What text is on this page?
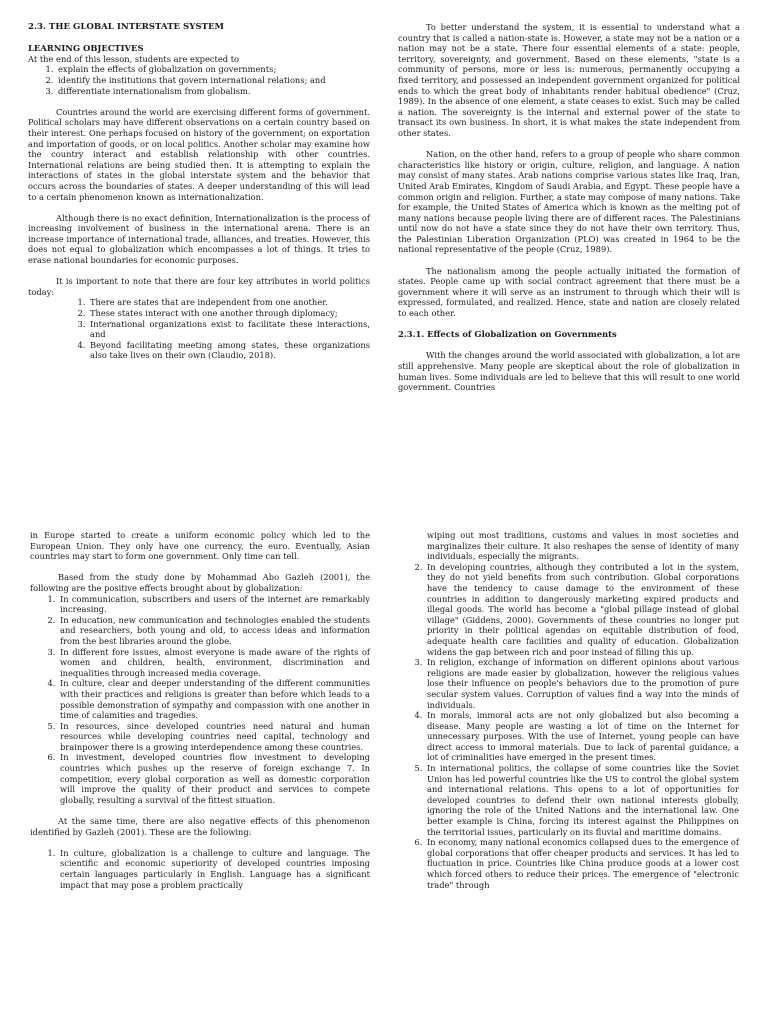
2.3. THE GLOBAL INTERSTATE SYSTEM
LEARNING OBJECTIVES
At the end of this lesson, students are expected to
1. explain the effects of globalization on governments;
2. identify the institutions that govern international relations; and
3. differentiate internationalism from globalism.

Countries around the world are exercising different forms of government. Political scholars may have different observations on a certain country based on their interest. One perhaps focused on history of the government; on exportation and importation of goods, or on local politics. Another scholar may examine how the country interact and establish relationship with other countries. International relations are being studied then. It is attempting to explain the interactions of states in the global interstate system and the behavior that occurs across the boundaries of states. A deeper understanding of this will lead to a certain phenomenon known as internationalization.

Although there is no exact definition, Internationalization is the process of increasing involvement of business in the international arena. There is an increase importance of international trade, alliances, and treaties. However, this does not equal to globalization which encompasses a lot of things. It tries to erase national boundaries for economic purposes.

It is important to note that there are four key attributes in world politics today:

1. There are states that are independent from one another.
2. These states interact with one another through diplomacy;
3. International organizations exist to facilitate these interactions, and
4. Beyond facilitating meeting among states, these organizations also take lives on their own (Claudio, 2018).

To better understand the system, it is essential to understand what a country that is called a nation-state is. However, a state may not be a nation or a nation may not be a state. There four essential elements of a state: people, territory, sovereignty, and government. Based on these elements, "state is a community of persons, more or less is: numerous, permanently occupying a fixed territory, and possessed an independent government organized for political ends to which the great body of inhabitants render habitual obedience" (Cruz, 1989). In the absence of one element, a state ceases to exist. Such may be called a nation. The sovereignty is the internal and external power of the state to transact its own business. In short, it is what makes the state independent from other states.

Nation, on the other hand, refers to a group of people who share common characteristics like history or origin, culture, religion, and language. A nation may consist of many states. Arab nations comprise various states like Iraq, Iran, United Arab Emirates, Kingdom of Saudi Arabia, and Egypt. These people have a common origin and religion. Further, a state may compose of many nations. Take for example, the United States of America which is known as the melting pot of many nations because people living there are of different races. The Palestinians until now do not have a state since they do not have their own territory. Thus, the Palestinian Liberation Organization (PLO) was created in 1964 to be the national representative of the people (Cruz, 1989).

The nationalism among the people actually initiated the formation of states. People came up with social contract agreement that there must be a government where it will serve as an instrument to through which their will is expressed, formulated, and realized. Hence, state and nation are closely related to each other.

2.3.1. Effects of Globalization on Governments

With the changes around the world associated with globalization, a lot are still apprehensive. Many people are skeptical about the role of globalization in human lives. Some individuals are led to believe that this will result to one world government. Countries

in Europe started to create a uniform economic policy which led to the European Union. They only have one currency, the euro. Eventually, Asian countries may start to form one government. Only time can tell.

Based from the study done by Mohammad Abo Gazleh (2001), the following are the positive effects brought about by globalization:

1. In communication, subscribers and users of the internet are remarkably increasing.
2. In education, new communication and technologies enabled the students and researchers, both young and old, to access ideas and information from the best libraries around the globe.
3. In different fore issues, almost everyone is made aware of the rights of women and children, health, environment, discrimination and inequalities through increased media coverage.
4. In culture, clear and deeper understanding of the different communities with their practices and religions is greater than before which leads to a possible demonstration of sympathy and compassion with one another in time of calamities and tragedies.
5. In resources, since developed countries need natural and human resources while developing countries need capital, technology and brainpower there is a growing interdependence among these countries.
6. In investment, developed countries flow investment to developing countries which pushes up the reserve of foreign exchange 7. In competition, every global corporation as well as domestic corporation will improve the quality of their product and services to compete globally, resulting a survival of the fittest situation.

At the same time, there are also negative effects of this phenomenon identified by Gazleh (2001). These are the following:

1. In culture, globalization is a challenge to culture and language. The scientific and economic superiority of developed countries imposing certain languages particularly in English. Language has a significant impact that may pose a problem practically
wiping out most traditions, customs and values in most societies and marginalizes their culture. It also reshapes the sense of identity of many individuals, especially the migrants.
2. In developing countries, although they contributed a lot in the system, they do not yield benefits from such contribution. Global corporations have the tendency to cause damage to the environment of these countries in addition to dangerously marketing expired products and illegal goods. The world has become a "global pillage instead of global village" (Giddens, 2000). Governments of these countries no longer put priority in their political agendas on equitable distribution of food, adequate health care facilities and quality of education. Globalization widens the gap between rich and poor instead of filling this up.
3. In religion, exchange of information on different opinions about various religions are made easier by globalization, however the religious values lose their influence on people's behaviors due to the promotion of pure secular system values. Corruption of values find a way into the minds of individuals.
4. In morals, immoral acts are not only globalized but also becoming a disease. Many people are wasting a lot of time on the Internet for unnecessary purposes. With the use of Internet, young people can have direct access to immoral materials. Due to lack of parental guidance, a lot of criminalities have emerged in the present times.
5. In international politics, the collapse of some countries like the Soviet Union has led powerful countries like the US to control the global system and international relations. This opens to a lot of opportunities for developed countries to defend their own national interests globally, ignoring the role of the United Nations and the international law. One better example is China, forcing its interest against the Philippines on the territorial issues, particularly on its fluvial and maritime domains.
6. In economy, many national economics collapsed dues to the emergence of global corporations that offer cheaper products and services. It has led to fluctuation in price. Countries like China produce goods at a lower cost which forced others to reduce their prices. The emergence of "electronic trade" through
